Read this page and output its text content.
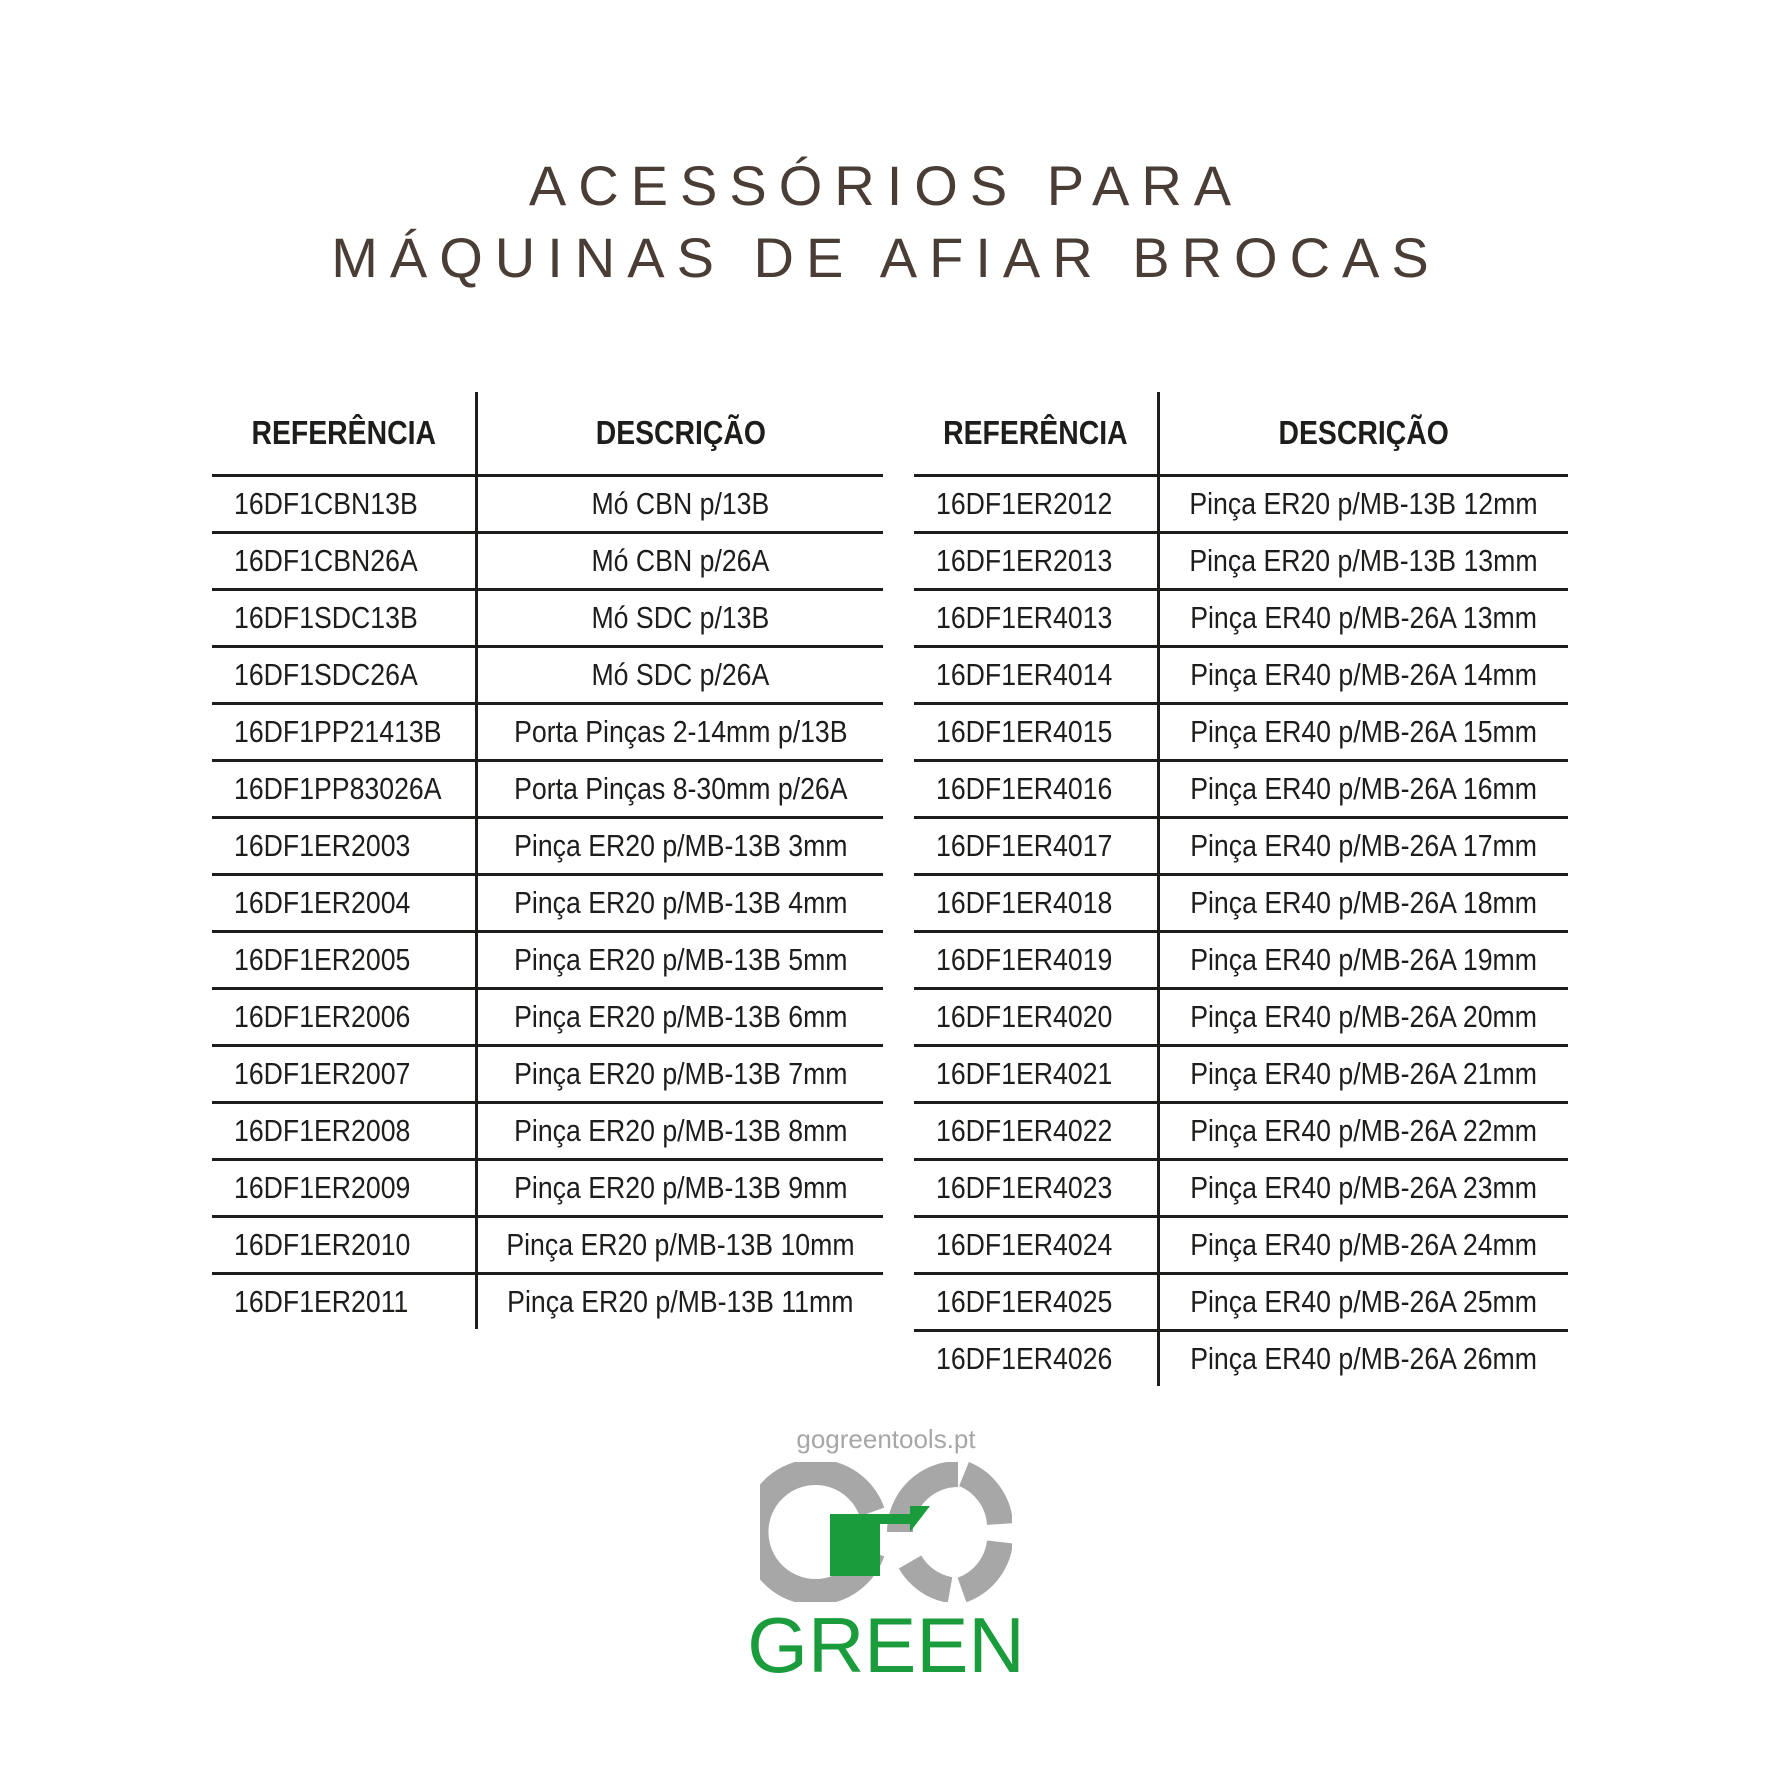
ACESSÓRIOS PARA
MÁQUINAS DE AFIAR BROCAS
REFERÊNCIA	DESCRIÇÃO
16DF1CBN13B	Mó CBN p/13B
16DF1CBN26A	Mó CBN p/26A
16DF1SDC13B	Mó SDC p/13B
16DF1SDC26A	Mó SDC p/26A
16DF1PP21413B	Porta Pinças 2-14mm p/13B
16DF1PP83026A	Porta Pinças 8-30mm p/26A
16DF1ER2003	Pinça ER20 p/MB-13B 3mm
16DF1ER2004	Pinça ER20 p/MB-13B 4mm
16DF1ER2005	Pinça ER20 p/MB-13B 5mm
16DF1ER2006	Pinça ER20 p/MB-13B 6mm
16DF1ER2007	Pinça ER20 p/MB-13B 7mm
16DF1ER2008	Pinça ER20 p/MB-13B 8mm
16DF1ER2009	Pinça ER20 p/MB-13B 9mm
16DF1ER2010	Pinça ER20 p/MB-13B 10mm
16DF1ER2011	Pinça ER20 p/MB-13B 11mm
REFERÊNCIA	DESCRIÇÃO
16DF1ER2012	Pinça ER20 p/MB-13B 12mm
16DF1ER2013	Pinça ER20 p/MB-13B 13mm
16DF1ER4013	Pinça ER40 p/MB-26A 13mm
16DF1ER4014	Pinça ER40 p/MB-26A 14mm
16DF1ER4015	Pinça ER40 p/MB-26A 15mm
16DF1ER4016	Pinça ER40 p/MB-26A 16mm
16DF1ER4017	Pinça ER40 p/MB-26A 17mm
16DF1ER4018	Pinça ER40 p/MB-26A 18mm
16DF1ER4019	Pinça ER40 p/MB-26A 19mm
16DF1ER4020	Pinça ER40 p/MB-26A 20mm
16DF1ER4021	Pinça ER40 p/MB-26A 21mm
16DF1ER4022	Pinça ER40 p/MB-26A 22mm
16DF1ER4023	Pinça ER40 p/MB-26A 23mm
16DF1ER4024	Pinça ER40 p/MB-26A 24mm
16DF1ER4025	Pinça ER40 p/MB-26A 25mm
16DF1ER4026	Pinça ER40 p/MB-26A 26mm
gogreentools.pt
GREEN
